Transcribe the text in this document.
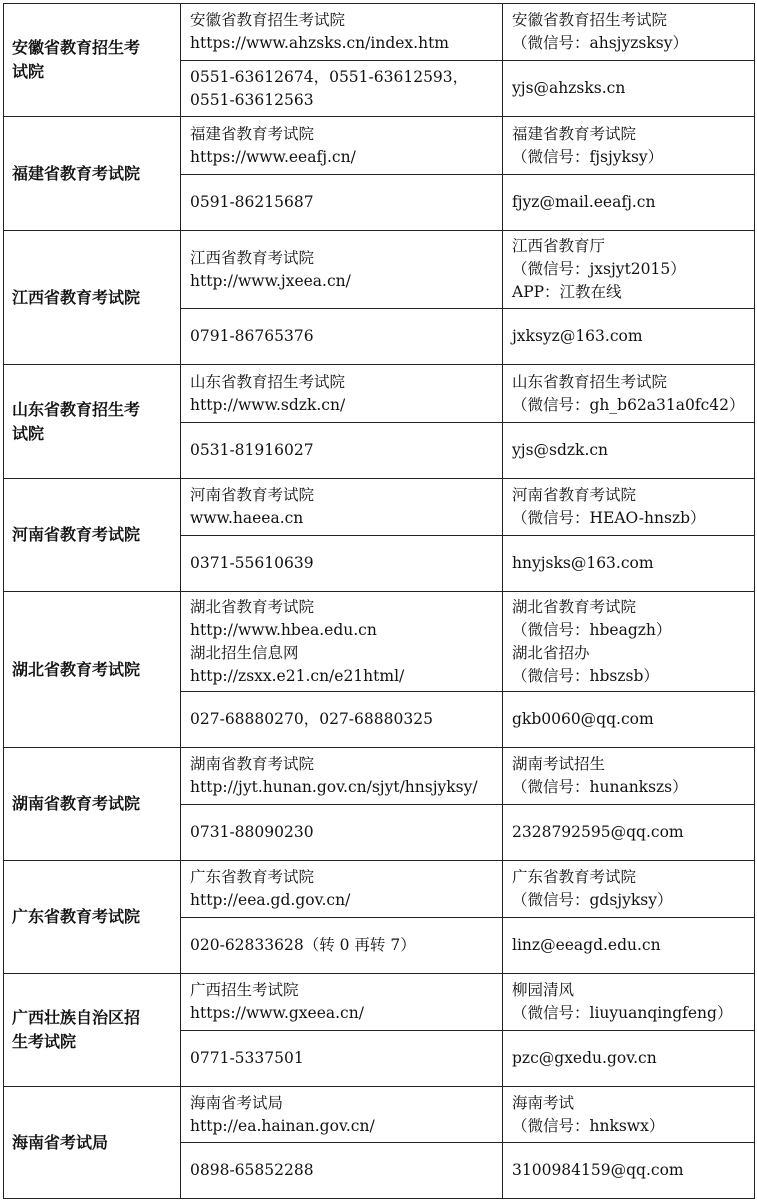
安徽省教育招生考
试院	安徽省教育招生考试院
https://www.ahzsks.cn/index.htm	安徽省教育招生考试院
（微信号：ahsjyzsksy）

	0551-63612674，0551-63612593，
0551-63612563	yjs@ahzsks.cn

福建省教育考试院	福建省教育考试院
https://www.eeafj.cn/	福建省教育考试院
（微信号：fjsjyksy）

	0591-86215687	fjyz@mail.eeafj.cn

江西省教育考试院	江西省教育考试院
http://www.jxeea.cn/	江西省教育厅
（微信号：jxsjyt2015）
APP：江教在线

	0791-86765376	jxksyz@163.com

山东省教育招生考
试院	山东省教育招生考试院
http://www.sdzk.cn/	山东省教育招生考试院
（微信号：gh_b62a31a0fc42）

	0531-81916027	yjs@sdzk.cn

河南省教育考试院	河南省教育考试院
www.haeea.cn	河南省教育考试院
（微信号：HEAO-hnszb）

	0371-55610639	hnyjsks@163.com

湖北省教育考试院	湖北省教育考试院
http://www.hbea.edu.cn
湖北招生信息网
http://zsxx.e21.cn/e21html/	湖北省教育考试院
（微信号：hbeagzh）
湖北省招办
（微信号：hbszsb）

	027-68880270，027-68880325	gkb0060@qq.com

湖南省教育考试院	湖南省教育考试院
http://jyt.hunan.gov.cn/sjyt/hnsjyksy/	湖南考试招生
（微信号：hunankszs）

	0731-88090230	2328792595@qq.com

广东省教育考试院	广东省教育考试院
http://eea.gd.gov.cn/	广东省教育考试院
（微信号：gdsjyksy）

	020-62833628（转 0 再转 7）	linz@eeagd.edu.cn

广西壮族自治区招
生考试院	广西招生考试院
https://www.gxeea.cn/	柳园清风
（微信号：liuyuanqingfeng）

	0771-5337501	pzc@gxedu.gov.cn

海南省考试局	海南省考试局
http://ea.hainan.gov.cn/	海南考试
（微信号：hnkswx）

	0898-65852288	3100984159@qq.com
